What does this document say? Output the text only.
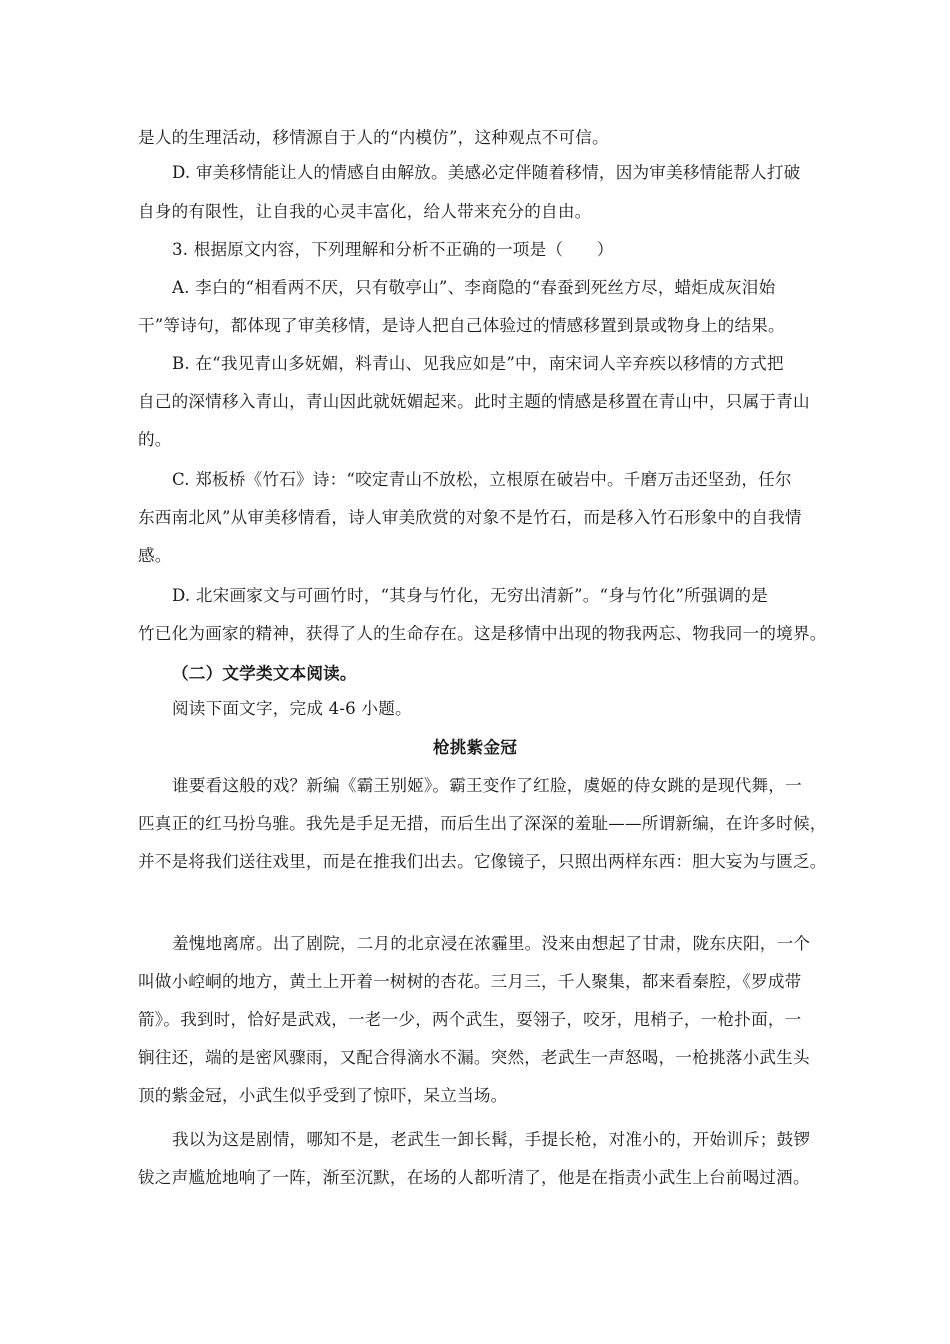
是人的生理活动，移情源自于人的“内模仿”，这种观点不可信。
D. 审美移情能让人的情感自由解放。美感必定伴随着移情，因为审美移情能帮人打破
自身的有限性，让自我的心灵丰富化，给人带来充分的自由。
3. 根据原文内容，下列理解和分析不正确的一项是（　　）
A. 李白的“相看两不厌，只有敬亭山”、李商隐的“春蚕到死丝方尽，蜡炬成灰泪始
干”等诗句，都体现了审美移情，是诗人把自己体验过的情感移置到景或物身上的结果。
B. 在“我见青山多妩媚，料青山、见我应如是”中，南宋词人辛弃疾以移情的方式把
自己的深情移入青山，青山因此就妩媚起来。此时主题的情感是移置在青山中，只属于青山
的。
C. 郑板桥《竹石》诗：“咬定青山不放松，立根原在破岩中。千磨万击还坚劲，任尔
东西南北风”从审美移情看，诗人审美欣赏的对象不是竹石，而是移入竹石形象中的自我情
感。
D. 北宋画家文与可画竹时，“其身与竹化，无穷出清新”。“身与竹化”所强调的是
竹已化为画家的精神，获得了人的生命存在。这是移情中出现的物我两忘、物我同一的境界。
（二）文学类文本阅读。
阅读下面文字，完成 4-6 小题。
枪挑紫金冠
谁要看这般的戏？新编《霸王别姬》。霸王变作了红脸，虞姬的侍女跳的是现代舞，一
匹真正的红马扮乌骓。我先是手足无措，而后生出了深深的羞耻——所谓新编，在许多时候，
并不是将我们送往戏里，而是在推我们出去。它像镜子，只照出两样东西：胆大妄为与匮乏。
羞愧地离席。出了剧院，二月的北京浸在浓霾里。没来由想起了甘肃，陇东庆阳，一个
叫做小崆峒的地方，黄土上开着一树树的杏花。三月三，千人聚集，都来看秦腔，《罗成带
箭》。我到时，恰好是武戏，一老一少，两个武生，耍翎子，咬牙，甩梢子，一枪扑面，一
锏往还，端的是密风骤雨，又配合得滴水不漏。突然，老武生一声怒喝，一枪挑落小武生头
顶的紫金冠，小武生似乎受到了惊吓，呆立当场。
我以为这是剧情，哪知不是，老武生一卸长髯，手提长枪，对准小的，开始训斥；鼓锣
钹之声尴尬地响了一阵，渐至沉默，在场的人都听清了，他是在指责小武生上台前喝过酒。
